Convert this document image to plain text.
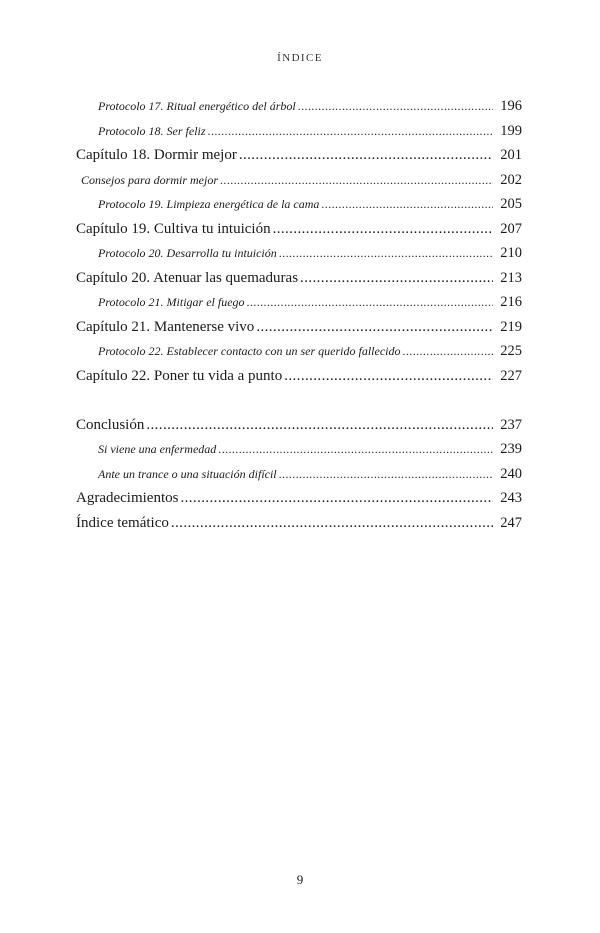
ÍNDICE
Protocolo 17. Ritual energético del árbol .....	196
Protocolo 18. Ser feliz .....	199
Capítulo 18. Dormir mejor .....	201
Consejos para dormir mejor .....	202
Protocolo 19. Limpieza energética de la cama .....	205
Capítulo 19. Cultiva tu intuición .....	207
Protocolo 20. Desarrolla tu intuición .....	210
Capítulo 20. Atenuar las quemaduras .....	213
Protocolo 21. Mitigar el fuego .....	216
Capítulo 21. Mantenerse vivo .....	219
Protocolo 22. Establecer contacto con un ser querido fallecido .....	225
Capítulo 22. Poner tu vida a punto .....	227
Conclusión .....	237
Si viene una enfermedad .....	239
Ante un trance o una situación difícil .....	240
Agradecimientos .....	243
Índice temático .....	247
9
